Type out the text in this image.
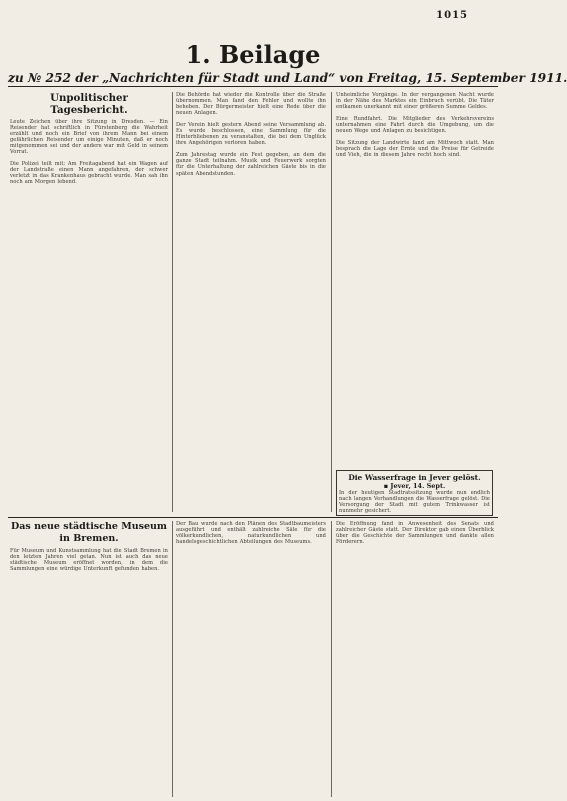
1015
1. Beilage
zu № 252 der „Nachrichten für Stadt und Land“ von Freitag, 15. September 1911.
Unpolitischer Tagesbericht.
Leute Zeichen über ihre Sitzung in Dresden. — Ein Reisender hat schriftlich in Fürstenberg die Wahrheit erzählt und noch ein Brief von ihrem Mann bei einem gefährlichen Reisender um einige Minuten, daß er noch mitgenommen sei und der andere war mit Geld in seinem Vorrat.
Die Polizei teilt mit: Am Freitagabend hat ein Wagen auf der Landstraße einen Mann angefahren, der schwer verletzt in das Krankenhaus gebracht wurde. Man sah ihn noch am Morgen lebend.
Die Behörde hat wieder die Kontrolle über die Straße übernommen. Man fand den Fehler und wollte ihn beheben. Der Bürgermeister hielt eine Rede über die neuen Anlagen.
Der Verein hielt gestern Abend seine Versammlung ab. Es wurde beschlossen, eine Sammlung für die Hinterbliebenen zu veranstalten, die bei dem Unglück ihre Angehörigen verloren haben.
Zum Jahrestag wurde ein Fest gegeben, an dem die ganze Stadt teilnahm. Musik und Feuerwerk sorgten für die Unterhaltung der zahlreichen Gäste bis in die späten Abendstunden.
Unheimliche Vorgänge. In der vergangenen Nacht wurde in der Nähe des Marktes ein Einbruch verübt. Die Täter entkamen unerkannt mit einer größeren Summe Geldes.
Eine Rundfahrt. Die Mitglieder des Verkehrsvereins unternahmen eine Fahrt durch die Umgebung, um die neuen Wege und Anlagen zu besichtigen.
Die Sitzung der Landwirte fand am Mittwoch statt. Man besprach die Lage der Ernte und die Preise für Getreide und Vieh, die in diesem Jahre recht hoch sind.
Die Wasserfrage in Jever gelöst.
▪ Jever, 14. Sept.
In der heutigen Stadtratssitzung wurde nun endlich nach langen Verhandlungen die Wasserfrage gelöst. Die Versorgung der Stadt mit gutem Trinkwasser ist nunmehr gesichert.
Das neue städtische Museum in Bremen.
Für Museum und Kunstsammlung hat die Stadt Bremen in den letzten Jahren viel getan. Nun ist auch das neue städtische Museum eröffnet worden, in dem die Sammlungen eine würdige Unterkunft gefunden haben.
Der Bau wurde nach den Plänen des Stadtbaumeisters ausgeführt und enthält zahlreiche Säle für die völkerkundlichen, naturkundlichen und handelsgeschichtlichen Abteilungen des Museums.
Die Eröffnung fand in Anwesenheit des Senats und zahlreicher Gäste statt. Der Direktor gab einen Überblick über die Geschichte der Sammlungen und dankte allen Förderern.
